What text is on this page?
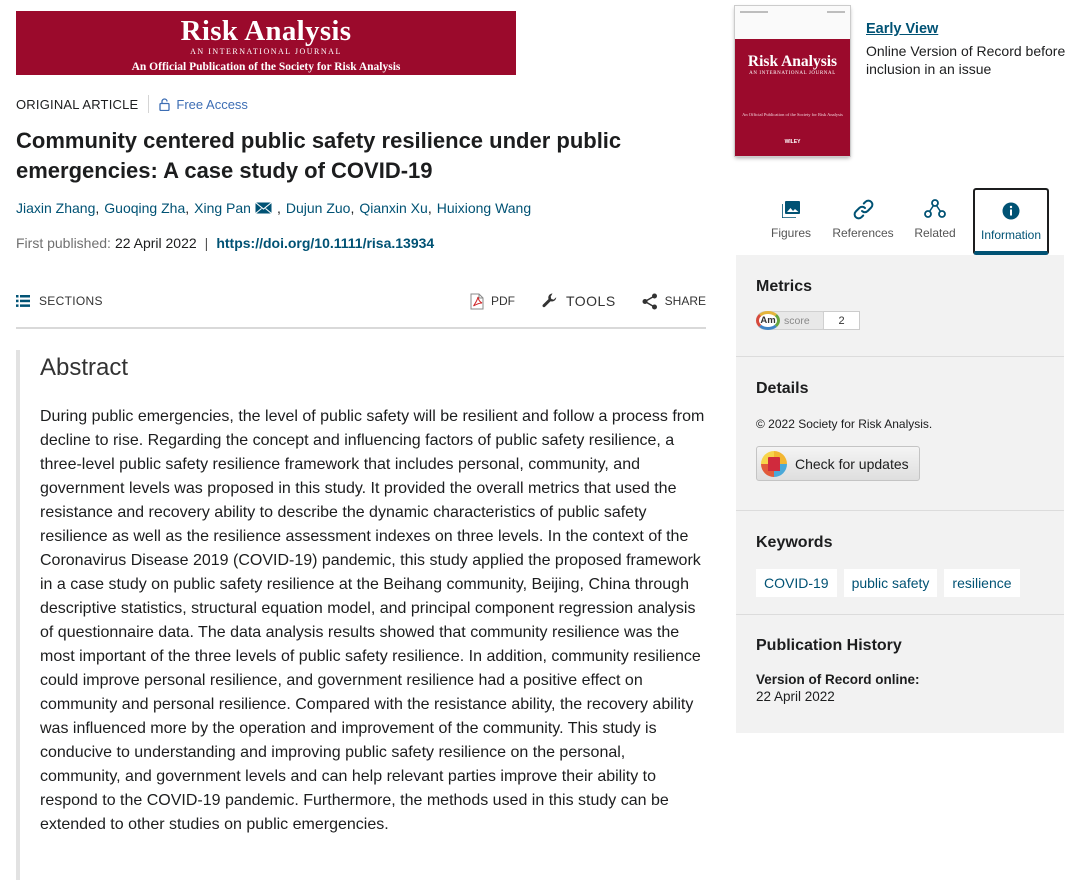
Risk Analysis
AN INTERNATIONAL JOURNAL
An Official Publication of the Society for Risk Analysis
ORIGINAL ARTICLE	Free Access
Community centered public safety resilience under public emergencies: A case study of COVID-19
Jiaxin Zhang , Guoqing Zha , Xing Pan , Dujun Zuo , Qianxin Xu , Huixiong Wang
First published: 22 April 2022 | https://doi.org/10.1111/risa.13934
SECTIONS	PDF	TOOLS	SHARE
Abstract

During public emergencies, the level of public safety will be resilient and follow a process from decline to rise. Regarding the concept and influencing factors of public safety resilience, a three-level public safety resilience framework that includes personal, community, and government levels was proposed in this study. It provided the overall metrics that used the resistance and recovery ability to describe the dynamic characteristics of public safety resilience as well as the resilience assessment indexes on three levels. In the context of the Coronavirus Disease 2019 (COVID-19) pandemic, this study applied the proposed framework in a case study on public safety resilience at the Beihang community, Beijing, China through descriptive statistics, structural equation model, and principal component regression analysis of questionnaire data. The data analysis results showed that community resilience was the most important of the three levels of public safety resilience. In addition, community resilience could improve personal resilience, and government resilience had a positive effect on community and personal resilience. Compared with the resistance ability, the recovery ability was influenced more by the operation and improvement of the community. This study is conducive to understanding and improving public safety resilience on the personal, community, and government levels and can help relevant parties improve their ability to respond to the COVID-19 pandemic. Furthermore, the methods used in this study can be extended to other studies on public emergencies.

Risk Analysis
AN INTERNATIONAL JOURNAL
An Official Publication of the Society for Risk Analysis
WILEY
Early View
Online Version of Record before inclusion in an issue
Figures References Related Information
Metrics
Am score	2
Details
© 2022 Society for Risk Analysis.
Check for updates
Keywords
COVID-19	public safety	resilience
Publication History
Version of Record online:
22 April 2022
